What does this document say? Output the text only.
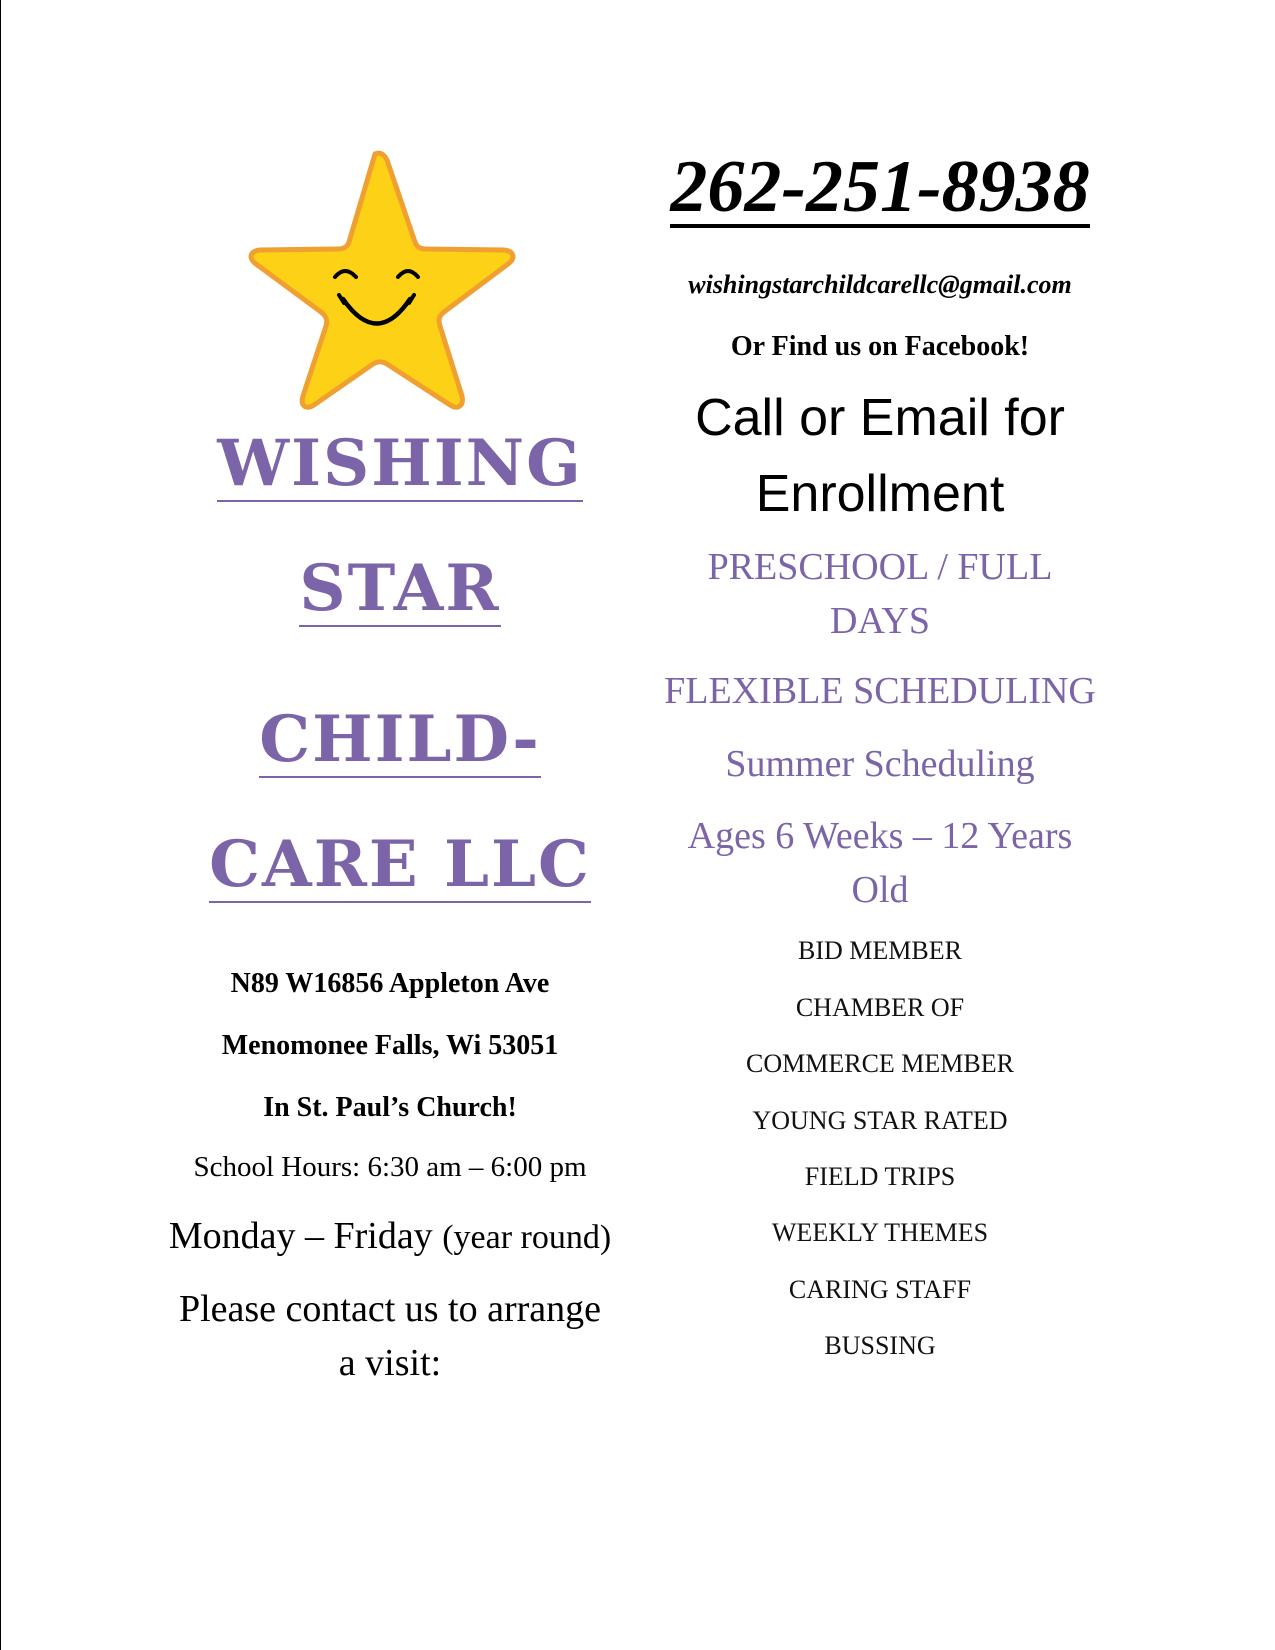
WISHING
STAR
CHILD-
CARE LLC
N89 W16856 Appleton Ave
Menomonee Falls, Wi 53051
In St. Paul’s Church!
School Hours: 6:30 am – 6:00 pm
Monday – Friday (year round)
Please contact us to arrange
a visit:
262-251-8938
wishingstarchildcarellc@gmail.com
Or Find us on Facebook!
Call or Email for
Enrollment
PRESCHOOL / FULL
DAYS
FLEXIBLE SCHEDULING
Summer Scheduling
Ages 6 Weeks – 12 Years
Old
BID MEMBER
CHAMBER OF
COMMERCE MEMBER
YOUNG STAR RATED
FIELD TRIPS
WEEKLY THEMES
CARING STAFF
BUSSING
